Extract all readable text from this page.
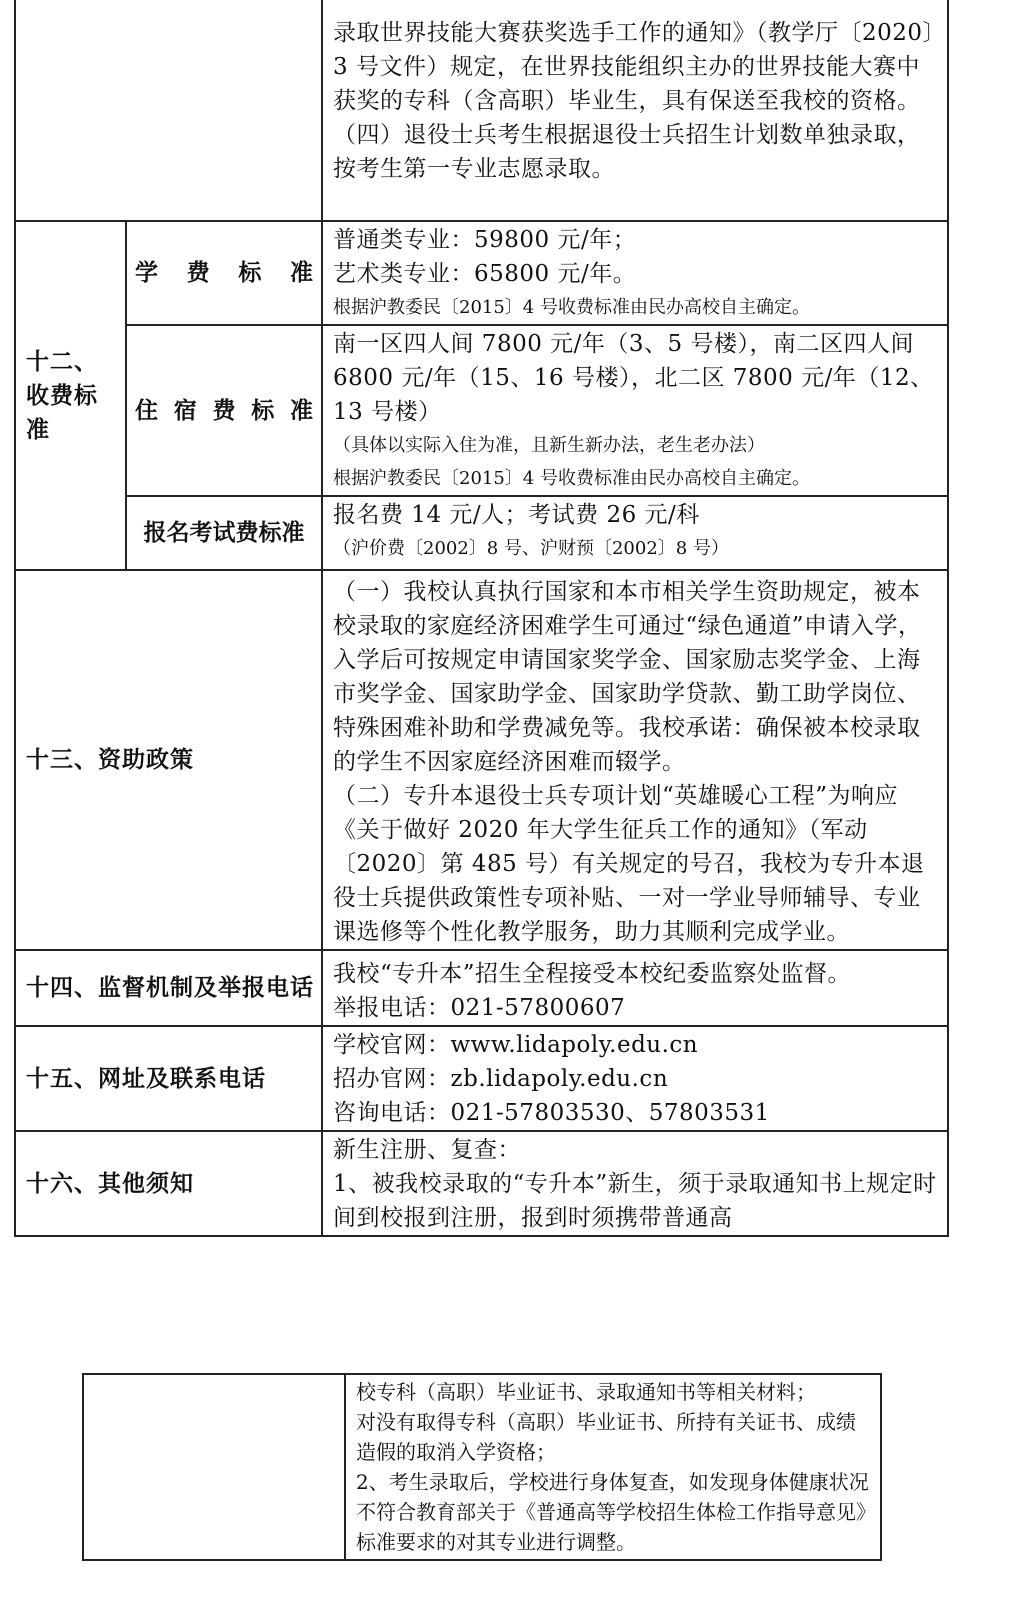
		录取世界技能大赛获奖选手工作的通知》（教学厅〔2020〕3 号文件）规定，在世界技能组织主办的世界技能大赛中获奖的专科（含高职）毕业生，具有保送至我校的资格。

（四）退役士兵考生根据退役士兵招生计划数单独录取，按考生第一专业志愿录取。

十二、收费标准	学费标准	普通类专业：59800 元/年；

艺术类专业：65800 元/年。

根据沪教委民〔2015〕4 号收费标准由民办高校自主确定。

	住宿费标准	南一区四人间 7800 元/年（3、5 号楼），南二区四人间 6800 元/年（15、16 号楼），北二区 7800 元/年（12、13 号楼）

（具体以实际入住为准，且新生新办法，老生老办法）

根据沪教委民〔2015〕4 号收费标准由民办高校自主确定。

	报名考试费标准	报名费 14 元/人；考试费 26 元/科

（沪价费〔2002〕8 号、沪财预〔2002〕8 号）

十三、资助政策		（一）我校认真执行国家和本市相关学生资助规定，被本校录取的家庭经济困难学生可通过“绿色通道”申请入学，入学后可按规定申请国家奖学金、国家励志奖学金、上海市奖学金、国家助学金、国家助学贷款、勤工助学岗位、特殊困难补助和学费减免等。我校承诺：确保被本校录取的学生不因家庭经济困难而辍学。

（二）专升本退役士兵专项计划“英雄暖心工程”为响应《关于做好 2020 年大学生征兵工作的通知》（军动〔2020〕第 485 号）有关规定的号召，我校为专升本退役士兵提供政策性专项补贴、一对一学业导师辅导、专业课选修等个性化教学服务，助力其顺利完成学业。

十四、监督机制及举报电话		我校“专升本”招生全程接受本校纪委监察处监督。

举报电话：021-57800607

十五、网址及联系电话		学校官网：www.lidapoly.edu.cn

招办官网：zb.lidapoly.edu.cn

咨询电话：021-57803530、57803531

十六、其他须知		新生注册、复查：

1、被我校录取的“专升本”新生，须于录取通知书上规定时间到校报到注册，报到时须携带普通高

校专科（高职）毕业证书、录取通知书等相关材料；

对没有取得专科（高职）毕业证书、所持有关证书、成绩造假的取消入学资格；

2、考生录取后，学校进行身体复查，如发现身体健康状况不符合教育部关于《普通高等学校招生体检工作指导意见》标准要求的对其专业进行调整。
